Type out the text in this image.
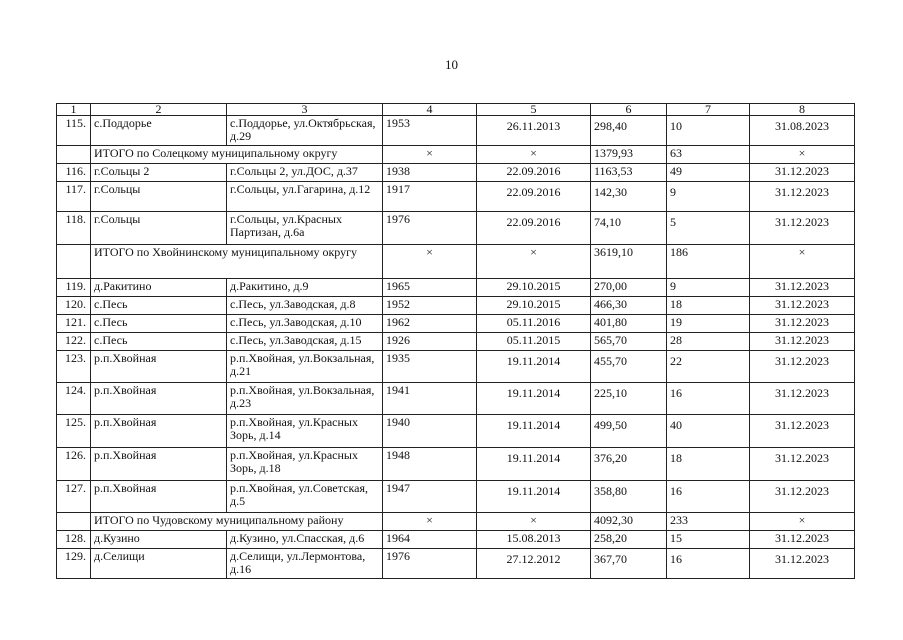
10
1	2	3	4	5	6	7	8
115.	с.Поддорье	с.Поддорье, ул.Октябрьская, д.29	1953	26.11.2013	298,40	10	31.08.2023
	ИТОГО по Солецкому муниципальному округу		×	×	1379,93	63	×
116.	г.Сольцы 2	г.Сольцы 2, ул.ДОС, д.37	1938	22.09.2016	1163,53	49	31.12.2023
117.	г.Сольцы	г.Сольцы, ул.Гагарина, д.12	1917	22.09.2016	142,30	9	31.12.2023
118.	г.Сольцы	г.Сольцы, ул.Красных Партизан, д.6а	1976	22.09.2016	74,10	5	31.12.2023
	ИТОГО по Хвойнинскому муниципальному округу		×	×	3619,10	186	×
119.	д.Ракитино	д.Ракитино, д.9	1965	29.10.2015	270,00	9	31.12.2023
120.	с.Песь	с.Песь, ул.Заводская, д.8	1952	29.10.2015	466,30	18	31.12.2023
121.	с.Песь	с.Песь, ул.Заводская, д.10	1962	05.11.2016	401,80	19	31.12.2023
122.	с.Песь	с.Песь, ул.Заводская, д.15	1926	05.11.2015	565,70	28	31.12.2023
123.	р.п.Хвойная	р.п.Хвойная, ул.Вокзальная, д.21	1935	19.11.2014	455,70	22	31.12.2023
124.	р.п.Хвойная	р.п.Хвойная, ул.Вокзальная, д.23	1941	19.11.2014	225,10	16	31.12.2023
125.	р.п.Хвойная	р.п.Хвойная, ул.Красных Зорь, д.14	1940	19.11.2014	499,50	40	31.12.2023
126.	р.п.Хвойная	р.п.Хвойная, ул.Красных Зорь, д.18	1948	19.11.2014	376,20	18	31.12.2023
127.	р.п.Хвойная	р.п.Хвойная, ул.Советская, д.5	1947	19.11.2014	358,80	16	31.12.2023
	ИТОГО по Чудовскому муниципальному району		×	×	4092,30	233	×
128.	д.Кузино	д.Кузино, ул.Спасская, д.6	1964	15.08.2013	258,20	15	31.12.2023
129.	д.Селищи	д.Селищи, ул.Лермонтова, д.16	1976	27.12.2012	367,70	16	31.12.2023
